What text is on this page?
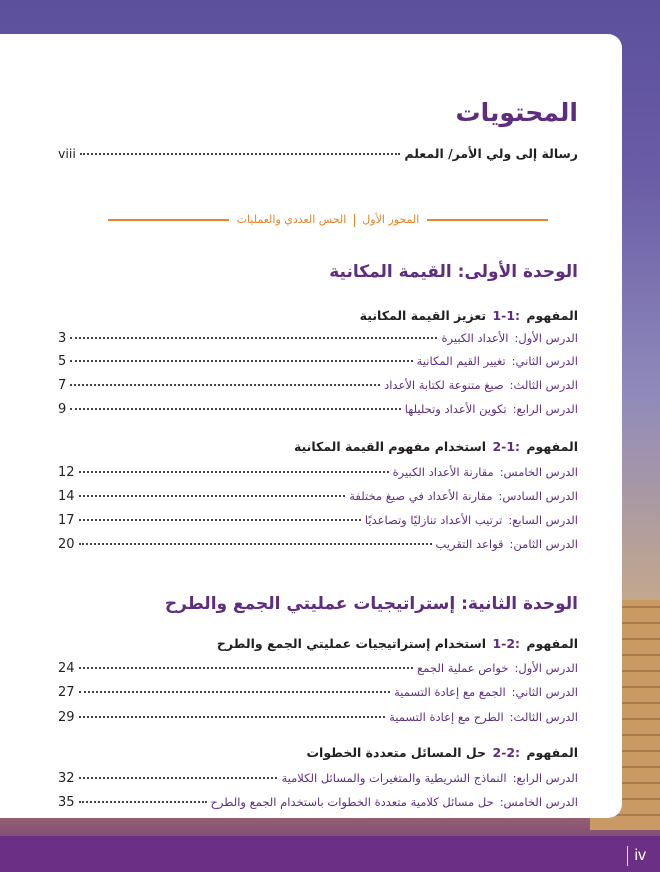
iv
المحتويات
رسالة إلى ولي الأمر/ المعلم
viii
المحور الأول  الحس العددي والعمليات
الوحدة الأولى: القيمة المكانية
المفهوم 1-1: تعزيز القيمة المكانية
الدرس الأول:
الأعداد الكبيرة
3
الدرس الثاني:
تغيير القيم المكانية
5
الدرس الثالث:
صيغ متنوعة لكتابة الأعداد
7
الدرس الرابع:
تكوين الأعداد وتحليلها
9
المفهوم 2-1: استخدام مفهوم القيمة المكانية
الدرس الخامس:
مقارنة الأعداد الكبيرة
12
الدرس السادس:
مقارنة الأعداد في صيغ مختلفة
14
الدرس السابع:
ترتيب الأعداد تنازليًا وتصاعديًا
17
الدرس الثامن:
قواعد التقريب
20
الوحدة الثانية: إستراتيجيات عمليتي الجمع والطرح
المفهوم 1-2: استخدام إستراتيجيات عمليتي الجمع والطرح
الدرس الأول:
خواص عملية الجمع
24
الدرس الثاني:
الجمع مع إعادة التسمية
27
الدرس الثالث:
الطرح مع إعادة التسمية
29
المفهوم 2-2: حل المسائل متعددة الخطوات
الدرس الرابع:
النماذج الشريطية والمتغيرات والمسائل الكلامية
32
الدرس الخامس:
حل مسائل كلامية متعددة الخطوات باستخدام الجمع والطرح
35
